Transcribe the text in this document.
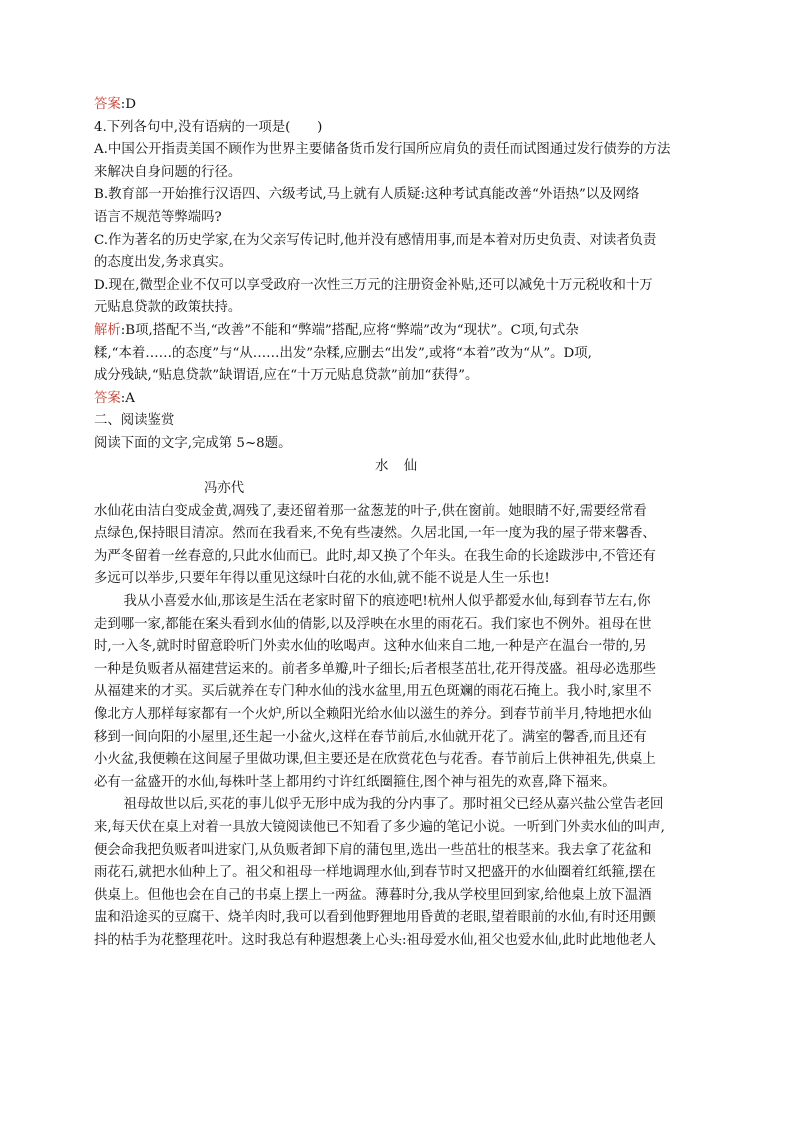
答案:D
4.下列各句中,没有语病的一项是(　　)
A.中国公开指责美国不顾作为世界主要储备货币发行国所应肩负的责任而试图通过发行债券的方法
来解决自身问题的行径。
B.教育部一开始推行汉语四、六级考试,马上就有人质疑:这种考试真能改善“外语热”以及网络
语言不规范等弊端吗?
C.作为著名的历史学家,在为父亲写传记时,他并没有感情用事,而是本着对历史负责、对读者负责
的态度出发,务求真实。
D.现在,微型企业不仅可以享受政府一次性三万元的注册资金补贴,还可以减免十万元税收和十万
元贴息贷款的政策扶持。
解析:B项,搭配不当,“改善”不能和“弊端”搭配,应将“弊端”改为“现状”。C项,句式杂
糅,“本着……的态度”与“从……出发”杂糅,应删去“出发”,或将“本着”改为“从”。D项,
成分残缺,“贴息贷款”缺谓语,应在“十万元贴息贷款”前加“获得”。
答案:A
二、阅读鉴赏
阅读下面的文字,完成第 5~8题。
水　仙
冯亦代
水仙花由洁白变成金黄,凋残了,妻还留着那一盆葱茏的叶子,供在窗前。她眼睛不好,需要经常看
点绿色,保持眼目清凉。然而在我看来,不免有些凄然。久居北国,一年一度为我的屋子带来馨香、
为严冬留着一丝春意的,只此水仙而已。此时,却又换了个年头。在我生命的长途跋涉中,不管还有
多远可以举步,只要年年得以重见这绿叶白花的水仙,就不能不说是人生一乐也!
我从小喜爱水仙,那该是生活在老家时留下的痕迹吧!杭州人似乎都爱水仙,每到春节左右,你
走到哪一家,都能在案头看到水仙的倩影,以及浮映在水里的雨花石。我们家也不例外。祖母在世
时,一入冬,就时时留意聆听门外卖水仙的吆喝声。这种水仙来自二地,一种是产在温台一带的,另
一种是负贩者从福建营运来的。前者多单瓣,叶子细长;后者根茎茁壮,花开得茂盛。祖母必选那些
从福建来的才买。买后就养在专门种水仙的浅水盆里,用五色斑斓的雨花石掩上。我小时,家里不
像北方人那样每家都有一个火炉,所以全赖阳光给水仙以滋生的养分。到春节前半月,特地把水仙
移到一间向阳的小屋里,还生起一小盆火,这样在春节前后,水仙就开花了。满室的馨香,而且还有
小火盆,我便赖在这间屋子里做功课,但主要还是在欣赏花色与花香。春节前后上供神祖先,供桌上
必有一盆盛开的水仙,每株叶茎上都用约寸许红纸圈箍住,图个神与祖先的欢喜,降下福来。
祖母故世以后,买花的事儿似乎无形中成为我的分内事了。那时祖父已经从嘉兴盐公堂告老回
来,每天伏在桌上对着一具放大镜阅读他已不知看了多少遍的笔记小说。一听到门外卖水仙的叫声,
便会命我把负贩者叫进家门,从负贩者卸下肩的蒲包里,选出一些茁壮的根茎来。我去拿了花盆和
雨花石,就把水仙种上了。祖父和祖母一样地调理水仙,到春节时又把盛开的水仙圈着红纸箍,摆在
供桌上。但他也会在自己的书桌上摆上一两盆。薄暮时分,我从学校里回到家,给他桌上放下温酒
盅和沿途买的豆腐干、烧羊肉时,我可以看到他野狸地用昏黄的老眼,望着眼前的水仙,有时还用颤
抖的枯手为花整理花叶。这时我总有种遐想袭上心头:祖母爱水仙,祖父也爱水仙,此时此地他老人
